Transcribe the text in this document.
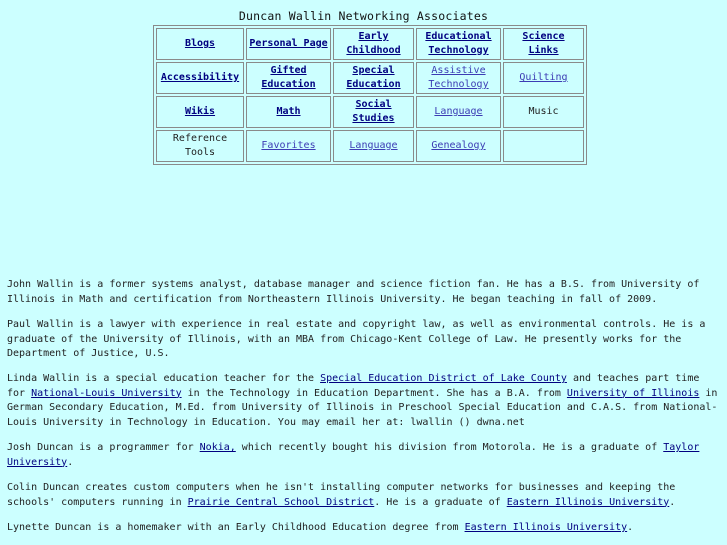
Duncan Wallin Networking Associates
Blogs	Personal Page	Early Childhood	Educational Technology	Science Links
Accessibility	Gifted Education	Special Education	Assistive Technology	Quilting
Wikis	Math	Social Studies	Language	Music
Reference Tools	Favorites	Language	Genealogy	

John Wallin is a former systems analyst, database manager and science fiction fan. He has a B.S. from University of Illinois in Math and certification from Northeastern Illinois University. He began teaching in fall of 2009.

Paul Wallin is a lawyer with experience in real estate and copyright law, as well as environmental controls. He is a graduate of the University of Illinois, with an MBA from Chicago-Kent College of Law. He presently works for the Department of Justice, U.S.

Linda Wallin is a special education teacher for the Special Education District of Lake County and teaches part time for National-Louis University in the Technology in Education Department. She has a B.A. from University of Illinois in German Secondary Education, M.Ed. from University of Illinois in Preschool Special Education and C.A.S. from National-Louis University in Technology in Education. You may email her at: lwallin () dwna.net

Josh Duncan is a programmer for Nokia, which recently bought his division from Motorola. He is a graduate of Taylor University.

Colin Duncan creates custom computers when he isn't installing computer networks for businesses and keeping the schools' computers running in Prairie Central School District. He is a graduate of Eastern Illinois University.

Lynette Duncan is a homemaker with an Early Childhood Education degree from Eastern Illinois University.
